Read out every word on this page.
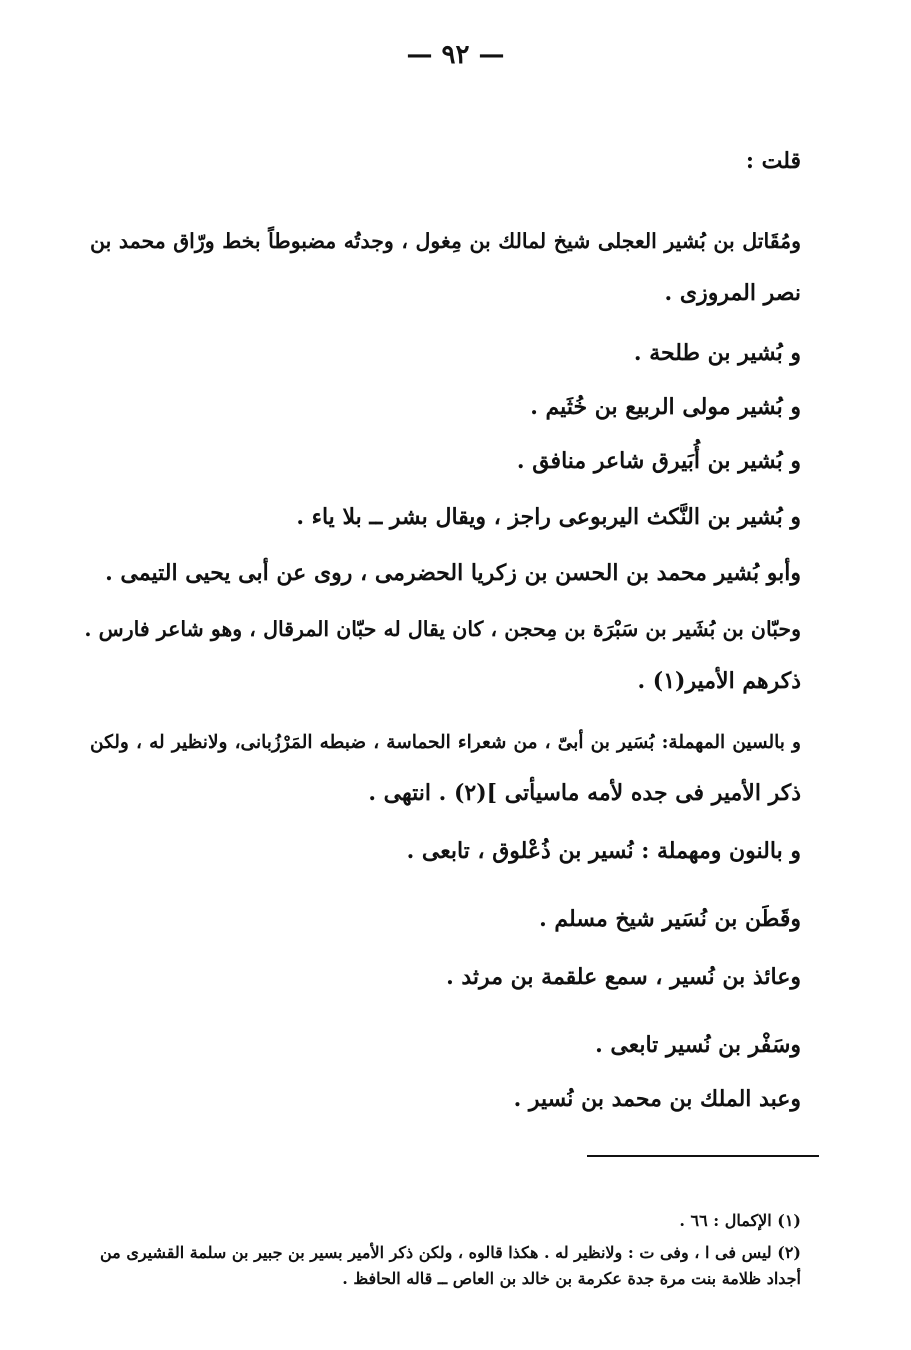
— ٩٢ —
قلت :
ومُقَاتل بن بُشير العجلى شيخ لمالك بن مِغول ، وجدتُه مضبوطاً بخط ورّاق محمد بن
نصر المروزى .
و بُشير بن طلحة .
و بُشير مولى الربيع بن خُثَيم .
و بُشير بن أُبَيرق شاعر منافق .
و بُشير بن النَّكث اليربوعى راجز ، ويقال بشر ــ بلا ياء .
وأبو بُشير محمد بن الحسن بن زكريا الحضرمى ، روى عن أبى يحيى التيمى .
وحبّان بن بُشَير بن سَبْرَة بن مِحجن ، كان يقال له حبّان المرقال ، وهو شاعر فارس .
ذكرهم الأمير(١) .
و بالسين المهملة: بُسَير بن أبىّ ، من شعراء الحماسة ، ضبطه المَرْزُبانى، ولانظير له ، ولكن
ذكر الأمير فى جده لأمه ماسيأتى ](٢) . انتهى .
و بالنون ومهملة : نُسير بن ذُعْلوق ، تابعى .
وقَطَن بن نُسَير شيخ مسلم .
وعائذ بن نُسير ، سمع علقمة بن مرثد .
وسَفْر بن نُسير تابعى .
وعبد الملك بن محمد بن نُسير .
(١) الإكمال : ٦٦ .
(٢) ليس فى ا ، وفى ت : ولانظير له . هكذا قالوه ، ولكن ذكر الأمير بسير بن جبير بن سلمة القشيرى من
أجداد ظلامة بنت مرة جدة عكرمة بن خالد بن العاص ــ قاله الحافظ .
